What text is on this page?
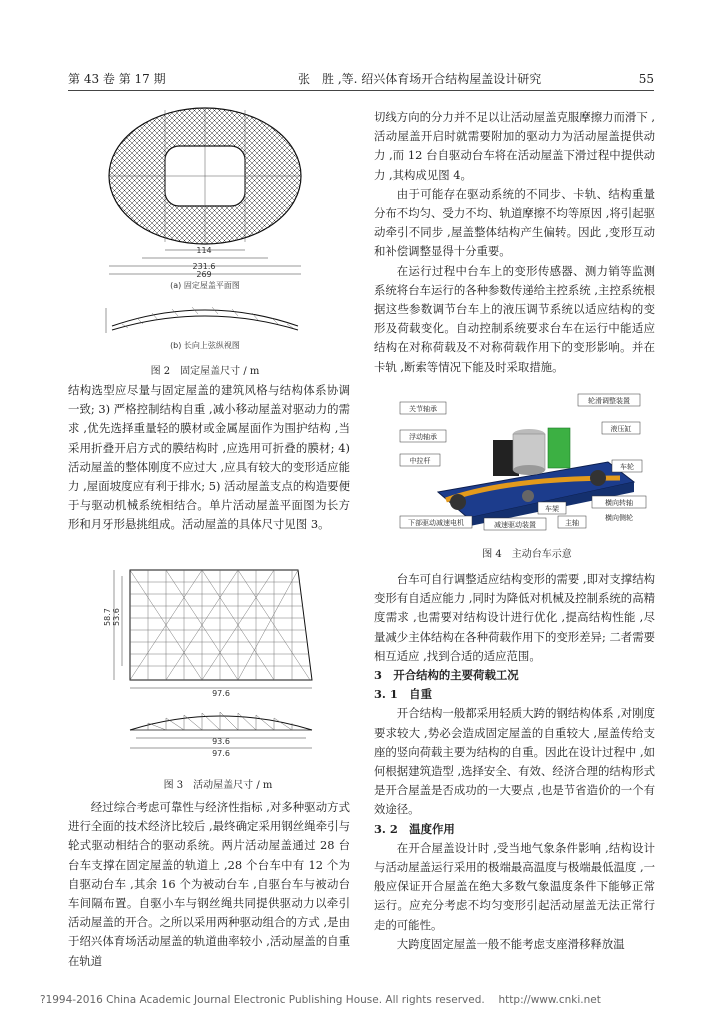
第 43 卷 第 17 期	张　胜 ,等. 绍兴体育场开合结构屋盖设计研究	55
114
231.6
269
(a) 固定屋盖平面图
(b) 长向上弦纵视图
图 2　固定屋盖尺寸 / m

结构选型应尽量与固定屋盖的建筑风格与结构体系协调一致; 3) 严格控制结构自重 ,减小移动屋盖对驱动力的需求 ,优先选择重量轻的膜材或金属屋面作为围护结构 ,当采用折叠开启方式的膜结构时 ,应选用可折叠的膜材; 4) 活动屋盖的整体刚度不应过大 ,应具有较大的变形适应能力 ,屋面坡度应有利于排水; 5) 活动屋盖支点的构造要便于与驱动机械系统相结合。单片活动屋盖平面图为长方形和月牙形悬挑组成。活动屋盖的具体尺寸见图 3。

58.7 53.6
97.6
93.6
97.6
图 3　活动屋盖尺寸 / m

经过综合考虑可靠性与经济性指标 ,对多种驱动方式进行全面的技术经济比较后 ,最终确定采用钢丝绳牵引与轮式驱动相结合的驱动系统。两片活动屋盖通过 28 台台车支撑在固定屋盖的轨道上 ,28 个台车中有 12 个为自驱动台车 ,其余 16 个为被动台车 ,自驱台车与被动台车间隔布置。自驱小车与钢丝绳共同提供驱动力以牵引活动屋盖的开合。之所以采用两种驱动组合的方式 ,是由于绍兴体育场活动屋盖的轨道曲率较小 ,活动屋盖的自重在轨道

切线方向的分力并不足以让活动屋盖克服摩擦力而滑下 ,活动屋盖开启时就需要附加的驱动力为活动屋盖提供动力 ,而 12 台自驱动台车将在活动屋盖下滑过程中提供动力 ,其构成见图 4。

由于可能存在驱动系统的不同步、卡轨、结构重量分布不均匀、受力不均、轨道摩擦不均等原因 ,将引起驱动牵引不同步 ,屋盖整体结构产生偏转。因此 ,变形互动和补偿调整显得十分重要。

在运行过程中台车上的变形传感器、测力销等监测系统将台车运行的各种参数传递给主控系统 ,主控系统根据这些参数调节台车上的液压调节系统以适应结构的变形及荷载变化。自动控制系统要求台车在运行中能适应结构在对称荷载及不对称荷载作用下的变形影响。并在卡轨 ,断索等情况下能及时采取措施。

关节轴承
浮动轴承
中拉杆
下部驱动减速电机
轮滑调整装置
液压缸
车轮
横向转轴
横向侧轮
车架
减速驱动装置	主轴
图 4　主动台车示意

台车可自行调整适应结构变形的需要 ,即对支撑结构变形有自适应能力 ,同时为降低对机械及控制系统的高精度需求 ,也需要对结构设计进行优化 ,提高结构性能 ,尽量减少主体结构在各种荷载作用下的变形差异; 二者需要相互适应 ,找到合适的适应范围。

3　开合结构的主要荷载工况

3. 1　自重

开合结构一般都采用轻质大跨的钢结构体系 ,对刚度要求较大 ,势必会造成固定屋盖的自重较大 ,屋盖传给支座的竖向荷载主要为结构的自重。因此在设计过程中 ,如何根据建筑造型 ,选择安全、有效、经济合理的结构形式是开合屋盖是否成功的一大要点 ,也是节省造价的一个有效途径。

3. 2　温度作用

在开合屋盖设计时 ,受当地气象条件影响 ,结构设计与活动屋盖运行采用的极端最高温度与极端最低温度 ,一般应保证开合屋盖在绝大多数气象温度条件下能够正常运行。应充分考虑不均匀变形引起活动屋盖无法正常行走的可能性。

大跨度固定屋盖一般不能考虑支座滑移释放温

?1994-2016 China Academic Journal Electronic Publishing House. All rights reserved.　 http://www.cnki.net
